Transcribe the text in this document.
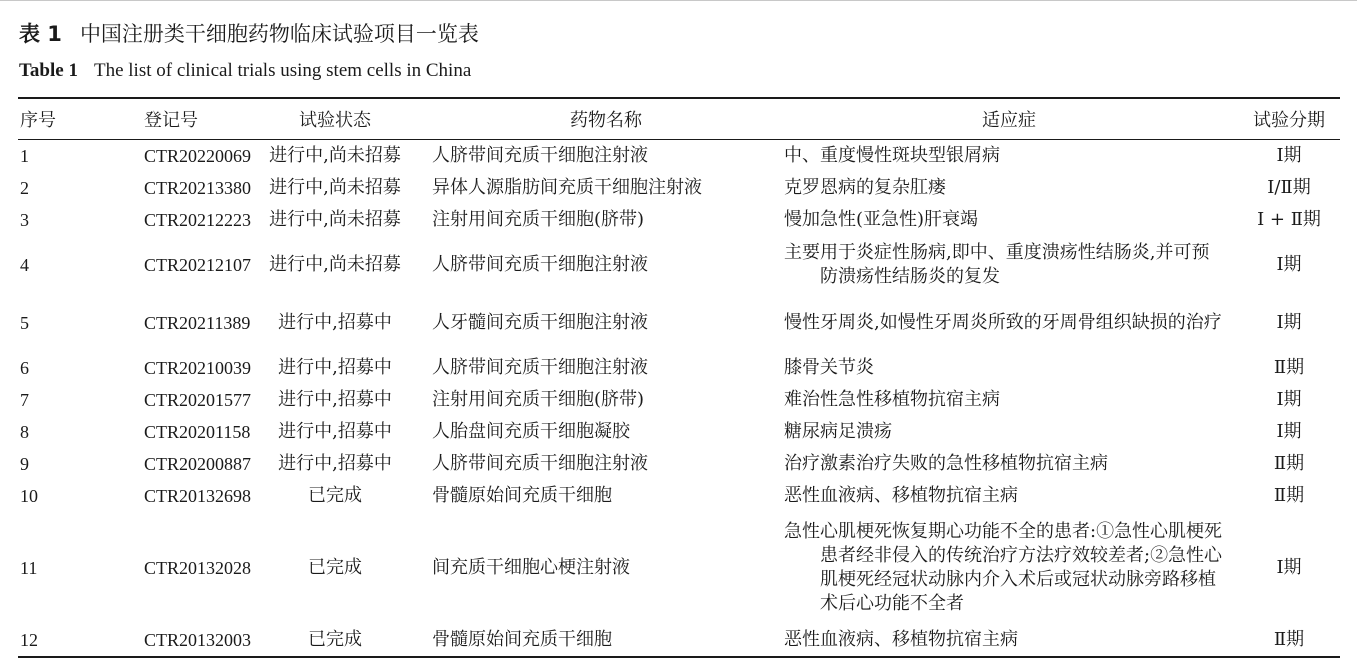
表 1 中国注册类干细胞药物临床试验项目一览表
Table 1 The list of clinical trials using stem cells in China
序号	登记号	试验状态	药物名称	适应症	试验分期
1	CTR20220069	进行中,尚未招募	人脐带间充质干细胞注射液	中、重度慢性斑块型银屑病	Ⅰ期
2	CTR20213380	进行中,尚未招募	异体人源脂肪间充质干细胞注射液	克罗恩病的复杂肛瘘	Ⅰ/Ⅱ期
3	CTR20212223	进行中,尚未招募	注射用间充质干细胞(脐带)	慢加急性(亚急性)肝衰竭	Ⅰ + Ⅱ期
4	CTR20212107	进行中,尚未招募	人脐带间充质干细胞注射液	主要用于炎症性肠病,即中、重度溃疡性结肠炎,并可预防溃疡性结肠炎的复发	Ⅰ期
5	CTR20211389	进行中,招募中	人牙髓间充质干细胞注射液	慢性牙周炎,如慢性牙周炎所致的牙周骨组织缺损的治疗	Ⅰ期
6	CTR20210039	进行中,招募中	人脐带间充质干细胞注射液	膝骨关节炎	Ⅱ期
7	CTR20201577	进行中,招募中	注射用间充质干细胞(脐带)	难治性急性移植物抗宿主病	Ⅰ期
8	CTR20201158	进行中,招募中	人胎盘间充质干细胞凝胶	糖尿病足溃疡	Ⅰ期
9	CTR20200887	进行中,招募中	人脐带间充质干细胞注射液	治疗激素治疗失败的急性移植物抗宿主病	Ⅱ期
10	CTR20132698	已完成	骨髓原始间充质干细胞	恶性血液病、移植物抗宿主病	Ⅱ期
11	CTR20132028	已完成	间充质干细胞心梗注射液	急性心肌梗死恢复期心功能不全的患者:①急性心肌梗死患者经非侵入的传统治疗方法疗效较差者;②急性心肌梗死经冠状动脉内介入术后或冠状动脉旁路移植术后心功能不全者	Ⅰ期
12	CTR20132003	已完成	骨髓原始间充质干细胞	恶性血液病、移植物抗宿主病	Ⅱ期
